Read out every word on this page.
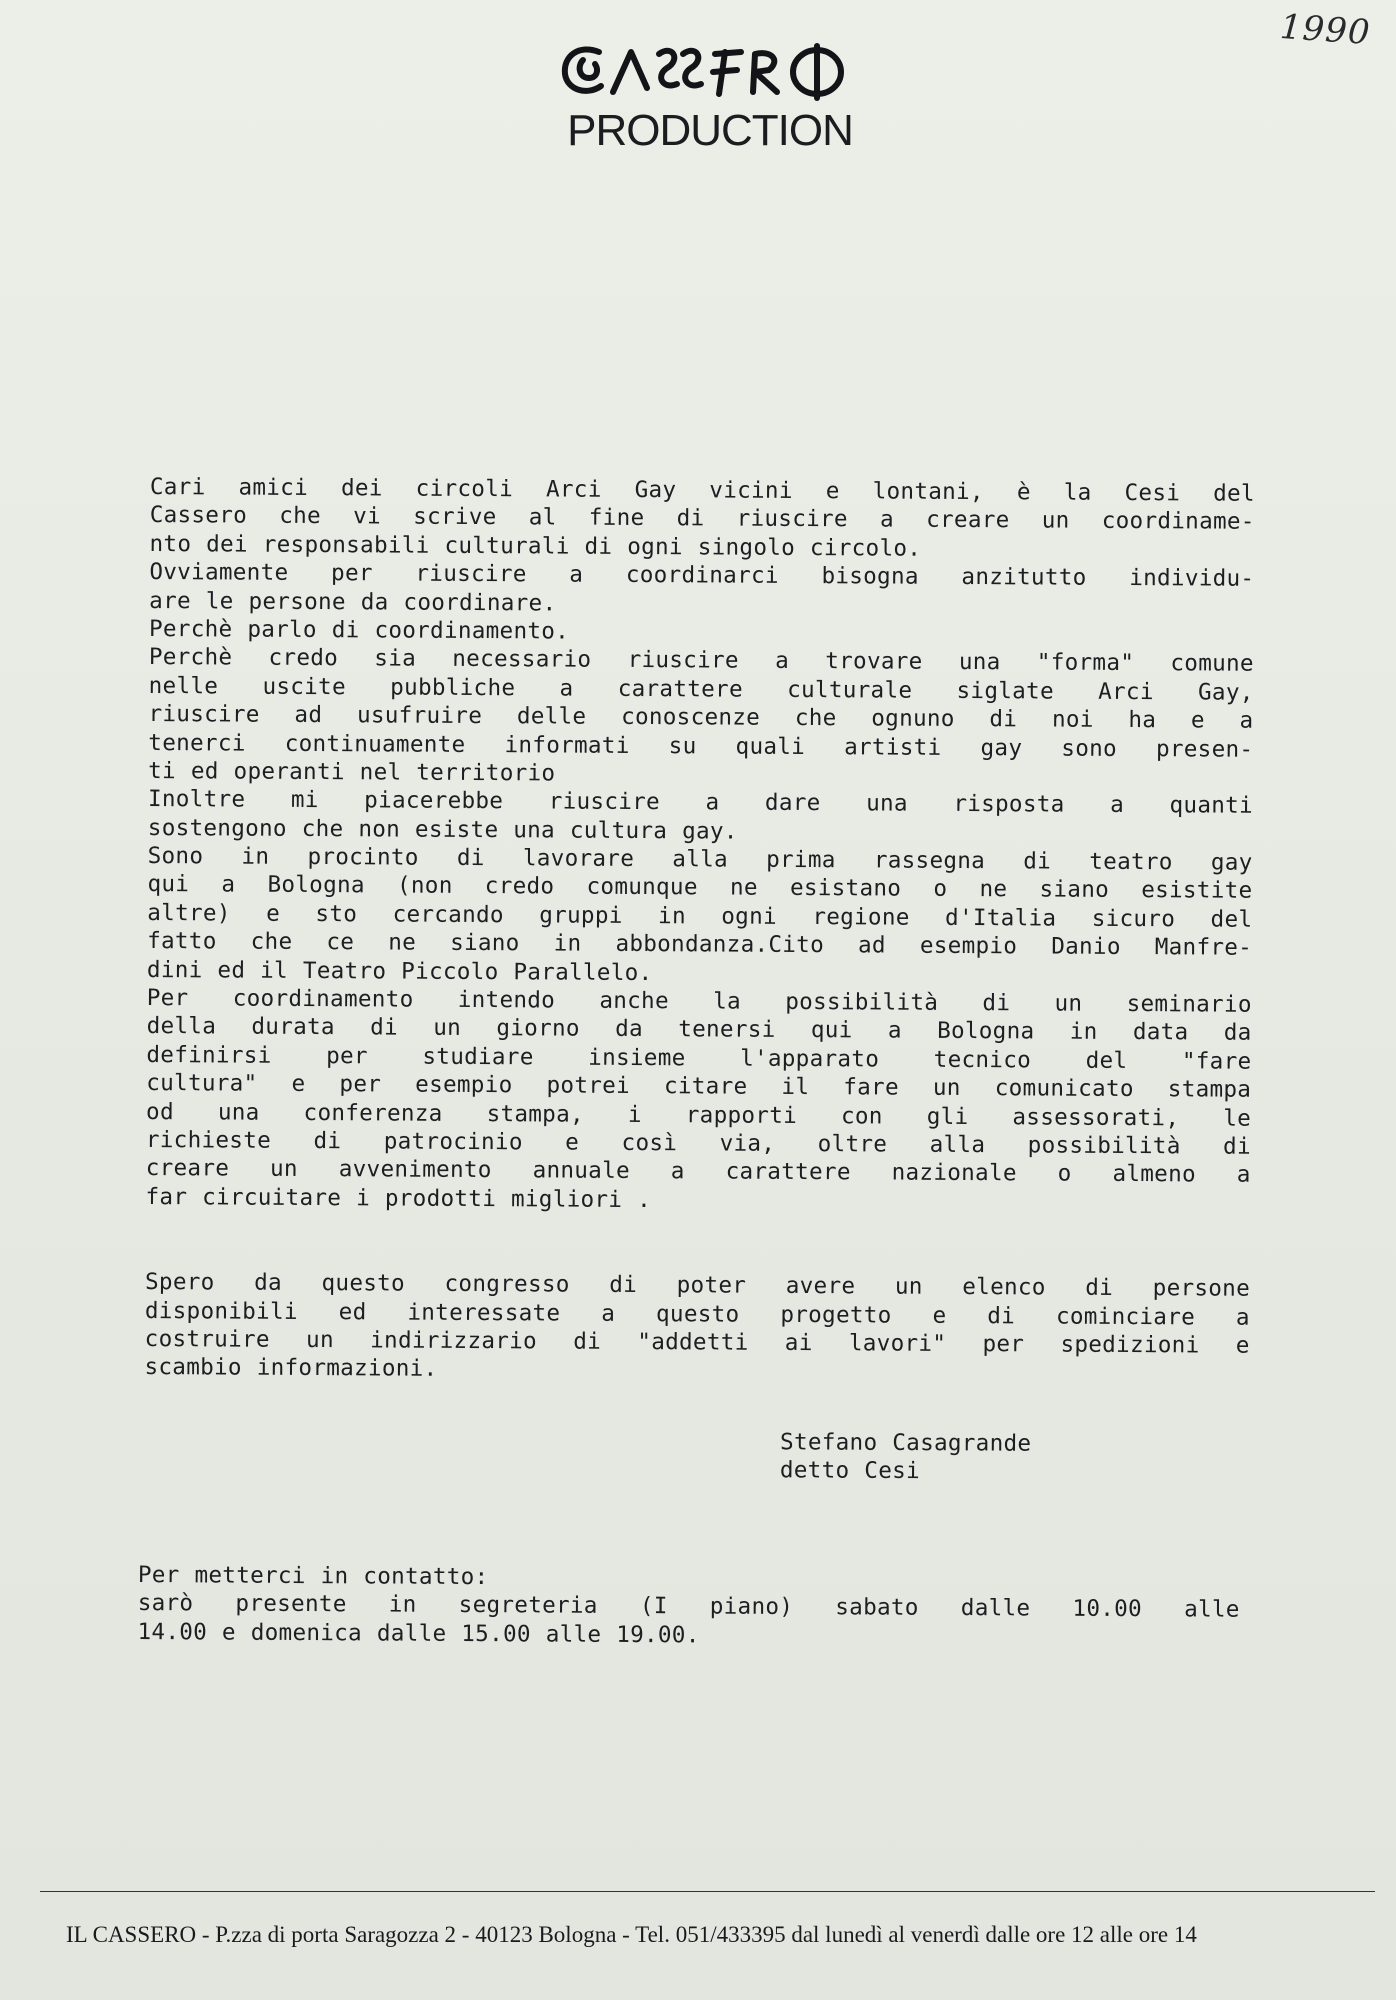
1990
PRODUCTION
Cari amici dei circoli Arci Gay vicini e lontani, è la Cesi del
Cassero che vi scrive al fine di riuscire a creare un coordiname-
nto dei responsabili culturali di ogni singolo circolo.
Ovviamente per riuscire a coordinarci bisogna anzitutto individu-
are le persone da coordinare.
Perchè parlo di coordinamento.
Perchè credo sia necessario riuscire a trovare una "forma" comune
nelle uscite pubbliche a carattere culturale siglate Arci Gay,
riuscire ad usufruire delle conoscenze che ognuno di noi ha e a
tenerci continuamente informati su quali artisti gay sono presen-
ti ed operanti nel territorio
Inoltre mi piacerebbe riuscire a dare una risposta a quanti
sostengono che non esiste una cultura gay.
Sono in procinto di lavorare alla prima rassegna di teatro gay
qui a Bologna (non credo comunque ne esistano o ne siano esistite
altre) e sto cercando gruppi in ogni regione d'Italia sicuro del
fatto che ce ne siano in abbondanza.Cito ad esempio Danio Manfre-
dini ed il Teatro Piccolo Parallelo.
Per coordinamento intendo anche la possibilità di un seminario
della durata di un giorno da tenersi qui a Bologna in data da
definirsi per studiare insieme l'apparato tecnico del "fare
cultura" e per esempio potrei citare il fare un comunicato stampa
od una conferenza stampa, i rapporti con gli assessorati, le
richieste di patrocinio e così via, oltre alla possibilità di
creare un avvenimento annuale a carattere nazionale o almeno a
far circuitare i prodotti migliori .
Spero da questo congresso di poter avere un elenco di persone
disponibili ed interessate a questo progetto e di cominciare a
costruire un indirizzario di "addetti ai lavori" per spedizioni e
scambio informazioni.
Stefano Casagrande
detto Cesi
Per metterci in contatto:
sarò presente in segreteria (I piano) sabato dalle 10.00 alle
14.00 e domenica dalle 15.00 alle 19.00.
IL CASSERO - P.zza di porta Saragozza 2 - 40123 Bologna - Tel. 051/433395 dal lunedì al venerdì dalle ore 12 alle ore 14
